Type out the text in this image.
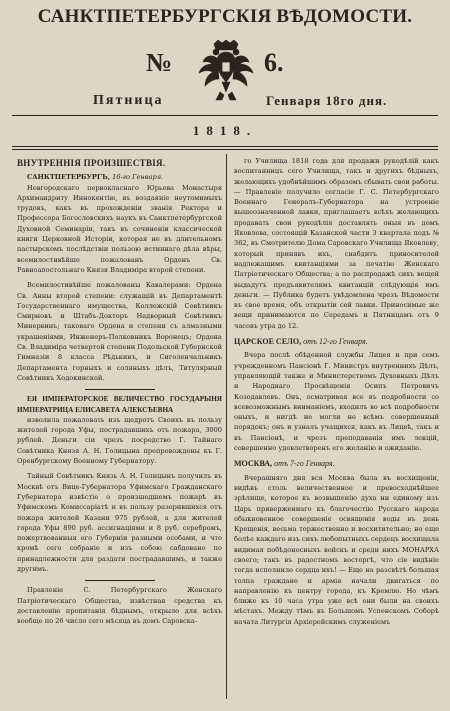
САНКТПЕТЕРБУРГСКІЯ ВѢДОМОСТИ.
№	6.
Пятница	Генваря 18го дня.
1818.
ВНУТРЕННІЯ ПРОИЗШЕСТВІЯ.

САНКТПЕТЕРБУРГЪ, 16-го Генваря.

Новгородскаго первокласнаго Юрьева Монастыря Архимандриту Иннокентію, въ воздаяніе неутомимыхъ трудовъ, какъ въ прохожденіи званія Ректора и Профессора Богословскихъ наукъ въ Санктпетербургской Духовной Семинаріи, такъ въ сочиненіи классической книги Церковной Исторіи, которая не въ длительномъ пастырскомъ послѣдствіи пользою истиннаго дѣла вѣры, всемилостивѣйше пожалованъ Орденъ Св. Равноапостольнаго Князя Владиміра второй степени.

Всемилостивѣйше пожалованы Кавалерами: Ордена Св. Анны второй степени: служащій въ Департаментѣ Государственнаго имущества, Коллежскій Совѣтникъ Смирновъ и Штабъ-Докторъ Надворный Совѣтникъ Минервинъ; таковаго Ордена и степени съ алмазными украшеніями, Инженеръ-Полковникъ Воронецъ; Ордена Св. Владиміра четвертой степени Подольской Губернской Гимназіи 8 класса Рѣдькинъ, и Сиголенчальникъ Департамента горныхъ и соляныхъ дѣлъ, Титулярный Совѣтникъ Ходокинской.

ЕЯ ИМПЕРАТОРСКОЕ ВЕЛИЧЕСТВО ГОСУДАРЫНЯ ИМПЕРАТРИЦА ЕЛИСАВЕТА АЛЕКСѢЕВНА

изволила пожаловать изъ щедротъ Своихъ въ пользу жителей города Уфы, пострадавшихъ отъ пожара, 3000 рублей. Деньги сіи чрезъ посредство Г. Тайнаго Совѣтника Князя А. Н. Голицына препровождены къ Г. Оренбургскому Военному Губернатору.

Тайный Совѣтникъ Князь А. Н. Голицынъ получилъ въ Москвѣ отъ Вице-Губернатора Уфимскаго Гражданскаго Губернатора извѣстіе о произшедшемъ пожарѣ въ Уфимскомъ Комиссаріатѣ и въ пользу разорившихся отъ пожара жителей Казани 975 рублей, а для жителей города Уфы 890 руб. ассигнаціями и 8 руб. серебромъ, пожертвованныя его Губерніи разными особами, и что кромѣ сего собраніе и изъ собою сабдовано по принадлежности для раздати пострадавшимъ, и также другимъ.

Правленіе С. Петербургскаго Женскаго Патріотическаго Общества, извѣстная средства къ доставленію пропитанія бѣднымъ, открыло для всѣхъ вообще по 26 число сего мѣсяца въ домъ Саровска-

го Училища 1818 года для продажи рукодѣлій какъ воспитанницъ сего Училища, такъ и другихъ бѣдныхъ, желающихъ удобнѣйшимъ образомъ сбывать свои работы. — Правленіе получило согласіе Г. С. Петербургскаго Военнаго Генералъ-Губернатора на устроеніе вышеозначенной лавки, приглашаетъ всѣхъ желающихъ продавать свои рукодѣлія доставлять оныя въ домъ Яковлева, состоящій Казанской части 3 квартала подъ № 362, въ Смотрителю Дома Саровскаго Училища Яковлеву, который принявъ ихъ, снабдитъ приносителей надлежащимъ квитанціями за печатію Женскаго Патріотическаго Общества; а по распродажѣ сихъ вещей выдадутъ предъявителямъ квитанцій слѣдующія имъ деньги. — Публика будетъ увѣдомлена чрезъ Вѣдомости въ свое время, объ открытіи сей лавки. Приносимые же вещи принимаются по Середамъ и Пятницамъ отъ 9 часовъ утра до 12.

ЦАРСКОЕ СЕЛО, отъ 12-го Генваря.

Вчера послѣ обѣденной службы Лицея и при семъ учрежденномъ Пансіонѣ Г. Министръ внутреннихъ Дѣлъ, управляющій также и Министерствомъ Духовныхъ Дѣлъ и Народнаго Просвѣщенія Осипъ Петровичъ Козодавлевъ. Онъ, осматривая все въ подробности со всевозможнымъ вниманіемъ, входилъ во всѣ подробности оныхъ, и нигдѣ не могли не всѣмъ совершенный порядокъ; онъ и узналъ учащихся, какъ въ Лицеѣ, такъ и въ Пансіонѣ, и чрезъ преподаванія имъ лекцій, совершенно удовлетворенъ его желанію и ожиданію.

МОСКВА, отъ 7-го Генваря.

Вчерашняго дня вся Москва была въ восхищеніи, видѣвъ столь величественное и превосходнѣйшее зрѣлище, которое къ возвышенію духа ни единому изъ Царь приверженнаго къ благочестію Русскаго народа обыкновенное совершеніе освященія воды въ день Крещенія, весьма торжественно и восхитительно; но еще болѣе каждаго изъ сихъ любопытныхъ сердецъ восхищала видимая побѣдоносныхъ войскъ и среди нихъ МОНАРХА своего; такъ въ радостномъ восторгѣ, что сіе видѣніе тогда исполнило сердца ихъ! — Еще на разсвѣтѣ большая толпа граждане и армія начали двигаться по направленію къ центру города, къ Кремлю. Но чѣмъ ближе къ 10 часа утра уже всѣ они были на своихъ мѣстахъ. Между тѣмъ въ Большомъ Успенскомъ Соборѣ начата Литургія Архіерейскимъ служеніемъ
